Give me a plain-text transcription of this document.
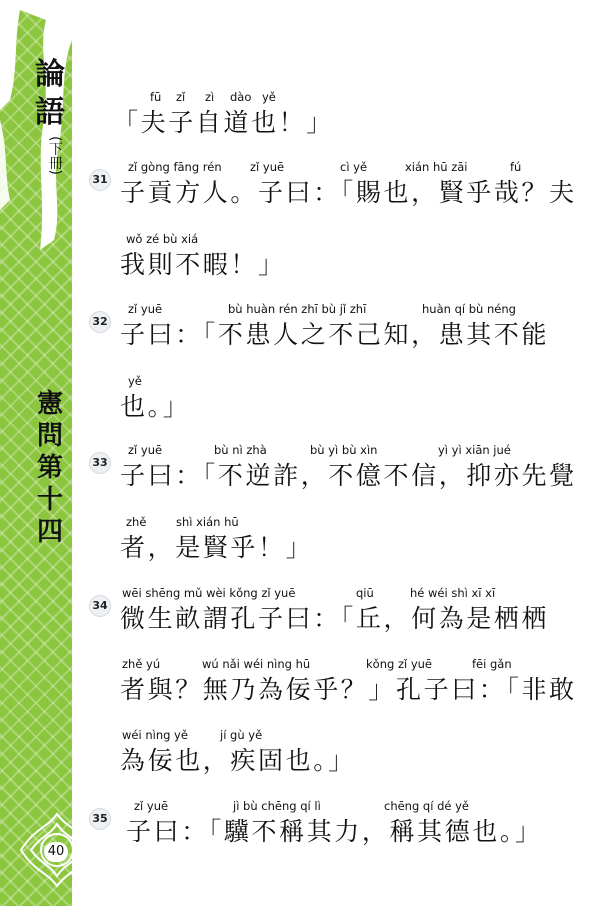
論
語
(下冊)
憲
問
第
十
四
40
fū zǐ zì dào yě
「夫子自道也！」
31
zǐ gòng fāng rén zǐ yuē	cì yě	xián hū zāi	fú
子貢方人。子曰：「賜也，賢乎哉？夫
wǒ zé bù xiá
我則不暇！」
32
zǐ yuē	bù huàn rén zhī bù jǐ zhī	huàn qí bù néng
子曰：「不患人之不己知，患其不能
yě
也。」
33
zǐ yuē	bù nì zhà	bù yì bù xìn	yì yì xiān jué
子曰：「不逆詐，不億不信，抑亦先覺
zhě	shì xián hū
者，是賢乎！」
34
wēi shēng mǔ wèi kǒng zǐ yuē	qiū	hé wéi shì xī xī
微生畝謂孔子曰：「丘，何為是栖栖
zhě yú	wú nǎi wéi nìng hū	kǒng zǐ yuē	fēi gǎn
者與？無乃為佞乎？」孔子曰：「非敢
wéi nìng yě	jí gù yě
為佞也，疾固也。」
35
zǐ yuē	jì bù chēng qí lì	chēng qí dé yě
子曰：「驥不稱其力，稱其德也。」
